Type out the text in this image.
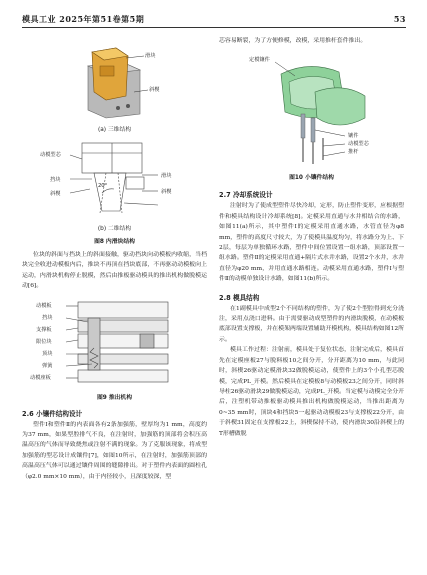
模具工业 2025年第51卷第5期	53
滑块
斜楔
(a) 三维结构
动模型芯
挡块
斜楔
20°
滑块
斜楔
(b) 二维结构
图8 内滑块结构

位块的斜面与挡块上的斜面接触，驱动挡块向动模板内收缩，当档块完全收进动模板内后，推块不再顶在挡块底部，不再驱动动模板向上运动，内滑块机构停止脱模，然后由推板驱动模具的推出机构做脱模运动[6]。

动模板
挡块
支撑板
限位块
顶块
弹簧
动模座板
图9 推出机构
2.6 小镶件结构设计

塑件Ⅰ和塑件Ⅱ的内表面各有2条加强筋，壁厚均为1 mm，高度约为37 mm，如果型腔排气不良，在注射时，加强筋的顶部将会积压高温高压的气体而导致烧焦或注射不满的现象。为了克服该现象，将成型加强筋的型芯设计成镶件[7]，如图10所示，在注射时，加强筋顶部的高温高压气体可以通过镶件周围的缝隙排出。对于塑件内表面的圆柱孔（φ2.0 mm×10 mm），由于内径较小，且深度较深，型

芯容易断裂，为了方便修模，改模，采用推杆套件推出。

定模镶件
镶件
动模型芯
推杆
图10 小镶件结构
2.7 冷却系统设计

注射时为了使成型塑件尽快冷却，定形，防止塑件变形，应根据塑件和模具结构设计冷却系统[8]。定模采用直通与水井相结合的水路，如图11(a)所示，其中塑件Ⅰ的定模采用直通水路，水管直径为φ8 mm，塑件的高度尺寸较大，为了使模具温度均匀，将水路分为上、下2层，每层为单独循环水路，塑件中间位置设置一组水路，顶部设置一组水路。塑件Ⅱ的定模采用直通+隔片式水井水路，设置2个水井，水井直径为φ20 mm，并用直通水路相连。动模采用直通水路，塑件Ⅰ与塑件Ⅱ的动模单独设计水路，如图11(b)所示。

2.8 模具结构

在1副模具中成型2个不同结构的塑件，为了使2个型腔得到充分浇注，采用点浇口进料。由于需要驱动成型塑件的内滑块脱模，在动模板底部设置支撑板，并在模架两端设置辅助开模机构，模具结构如图12所示。

模具工作过程：注射前，模具处于复位状态，注射完成后，模具首先在定模座板27与脱料板10之间分开，分开距离为10 mm，与此同时，斜楔26驱动定模滑块32做脱模运动，使塑件上的3个小孔型芯脱模，完成PL_开模。然后模具在定模板8与动模板23之间分开，同时斜导柱26驱动滑块29做脱模运动，完成PL_开模。当定模与动模完全分开后，注塑机带动推板驱动模具推出机构做脱模运动，当推出距离为0~35 mm时，顶块4和挡块5一起驱动动模板23与支撑板22分开，由于斜楔31固定在支撑板22上，斜楔保持不动，使内滑块30沿斜楔上的T形槽做脱
